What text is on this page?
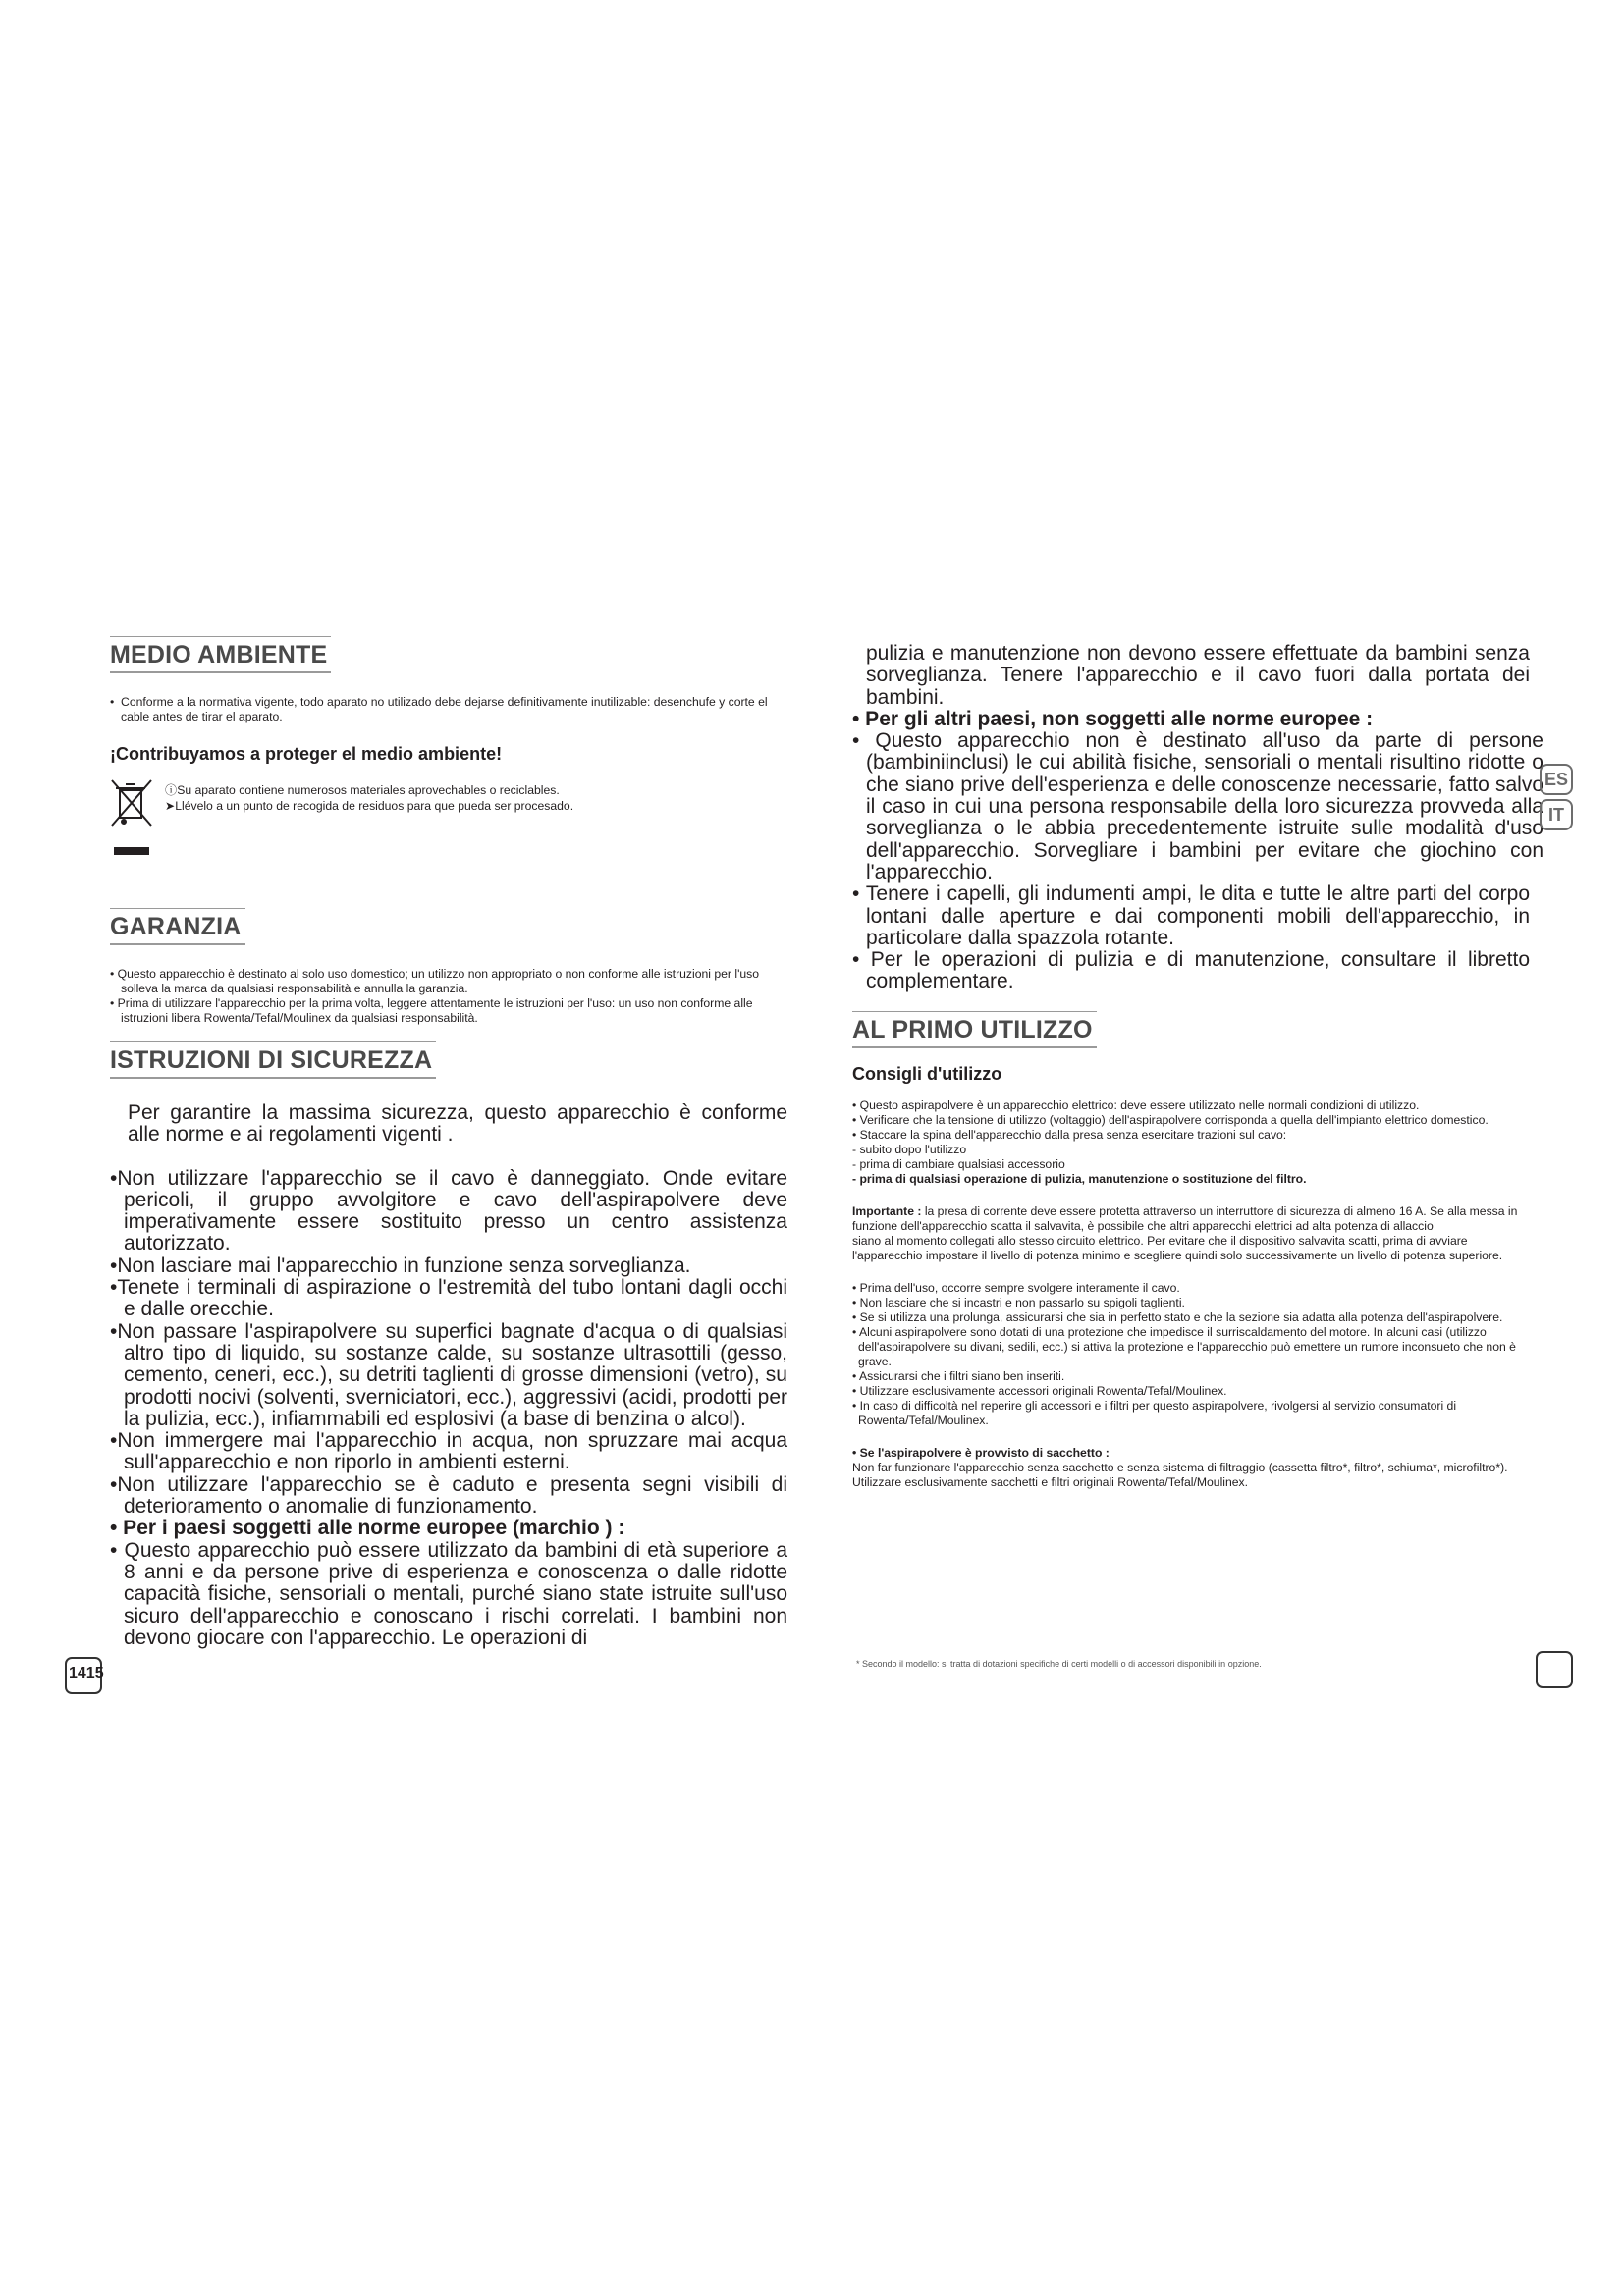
MEDIO AMBIENTE
•  Conforme a la normativa vigente, todo aparato no utilizado debe dejarse definitivamente inutilizable: desenchufe y corte el cable antes de tirar el aparato.

¡Contribuyamos a proteger el medio ambiente!

ⓘSu aparato contiene numerosos materiales aprovechables o reciclables.
➤Llévelo a un punto de recogida de residuos para que pueda ser procesado.
GARANZIA
• Questo apparecchio è destinato al solo uso domestico; un utilizzo non appropriato o non conforme alle istruzioni per l'uso solleva la marca da qualsiasi responsabilità e annulla la garanzia.
• Prima di utilizzare l'apparecchio per la prima volta, leggere attentamente le istruzioni per l'uso: un uso non conforme alle istruzioni libera Rowenta/Tefal/Moulinex da qualsiasi responsabilità.
ISTRUZIONI DI SICUREZZA

Per garantire la massima sicurezza, questo apparecchio è conforme alle norme e ai regolamenti vigenti .

•Non utilizzare l'apparecchio se il cavo è danneggiato. Onde evitare pericoli, il gruppo avvolgitore e cavo dell'aspirapolvere deve imperativamente essere sostituito presso un centro assistenza autorizzato.

•Non lasciare mai l'apparecchio in funzione senza sorveglianza.

•Tenete i terminali di aspirazione o l'estremità del tubo lontani dagli occhi e dalle orecchie.

•Non passare l'aspirapolvere su superfici bagnate d'acqua o di qualsiasi altro tipo di liquido, su sostanze calde, su sostanze ultrasottili (gesso, cemento, ceneri, ecc.), su detriti taglienti di grosse dimensioni (vetro), su prodotti nocivi (solventi, sverniciatori, ecc.), aggressivi (acidi, prodotti per la pulizia, ecc.), infiammabili ed esplosivi (a base di benzina o alcol).

•Non immergere mai l'apparecchio in acqua, non spruzzare mai acqua sull'apparecchio e non riporlo in ambienti esterni.

•Non utilizzare l'apparecchio se è caduto e presenta segni visibili di deterioramento o anomalie di funzionamento.

• Per i paesi soggetti alle norme europee (marchio ) :

• Questo apparecchio può essere utilizzato da bambini di età superiore a 8 anni e da persone prive di esperienza e conoscenza o dalle ridotte capacità fisiche, sensoriali o mentali, purché siano state istruite sull'uso sicuro dell'apparecchio e conoscano i rischi correlati. I bambini non devono giocare con l'apparecchio. Le operazioni di

1415

pulizia e manutenzione non devono essere effettuate da bambini senza sorveglianza. Tenere l'apparecchio e il cavo fuori dalla portata dei bambini.

• Per gli altri paesi, non soggetti alle norme europee :

• Questo apparecchio non è destinato all'uso da parte di persone (bambiniinclusi) le cui abilità fisiche, sensoriali o mentali risultino ridotte o che siano prive dell'esperienza e delle conoscenze necessarie, fatto salvo il caso in cui una persona responsabile della loro sicurezza provveda alla sorveglianza o le abbia precedentemente istruite sulle modalità d'uso dell'apparecchio. Sorvegliare i bambini per evitare che giochino con l'apparecchio.

• Tenere i capelli, gli indumenti ampi, le dita e tutte le altre parti del corpo lontani dalle aperture e dai componenti mobili dell'apparecchio, in particolare dalla spazzola rotante.

• Per le operazioni di pulizia e di manutenzione, consultare il libretto complementare.

AL PRIMO UTILIZZO

Consigli d'utilizzo

• Questo aspirapolvere è un apparecchio elettrico: deve essere utilizzato nelle normali condizioni di utilizzo.
• Verificare che la tensione di utilizzo (voltaggio) dell'aspirapolvere corrisponda a quella dell'impianto elettrico domestico.
• Staccare la spina dell'apparecchio dalla presa senza esercitare trazioni sul cavo:
- subito dopo l'utilizzo
- prima di cambiare qualsiasi accessorio
- prima di qualsiasi operazione di pulizia, manutenzione o sostituzione del filtro.
Importante : la presa di corrente deve essere protetta attraverso un interruttore di sicurezza di almeno 16 A. Se alla messa in funzione dell'apparecchio scatta il salvavita, è possibile che altri apparecchi elettrici ad alta potenza di allaccio
siano al momento collegati allo stesso circuito elettrico. Per evitare che il dispositivo salvavita scatti, prima di avviare l'apparecchio impostare il livello di potenza minimo e scegliere quindi solo successivamente un livello di potenza superiore.
• Prima dell'uso, occorre sempre svolgere interamente il cavo.
• Non lasciare che si incastri e non passarlo su spigoli taglienti.
• Se si utilizza una prolunga, assicurarsi che sia in perfetto stato e che la sezione sia adatta alla potenza dell'aspirapolvere.
• Alcuni aspirapolvere sono dotati di una protezione che impedisce il surriscaldamento del motore. In alcuni casi (utilizzo dell'aspirapolvere su divani, sedili, ecc.) si attiva la protezione e l'apparecchio può emettere un rumore inconsueto che non è grave.
• Assicurarsi che i filtri siano ben inseriti.
• Utilizzare esclusivamente accessori originali Rowenta/Tefal/Moulinex.
• In caso di difficoltà nel reperire gli accessori e i filtri per questo aspirapolvere, rivolgersi al servizio consumatori di Rowenta/Tefal/Moulinex.
• Se l'aspirapolvere è provvisto di sacchetto :
Non far funzionare l'apparecchio senza sacchetto e senza sistema di filtraggio (cassetta filtro*, filtro*, schiuma*, microfiltro*).
Utilizzare esclusivamente sacchetti e filtri originali Rowenta/Tefal/Moulinex.
* Secondo il modello: si tratta di dotazioni specifiche di certi modelli o di accessori disponibili in opzione.
ES
IT
